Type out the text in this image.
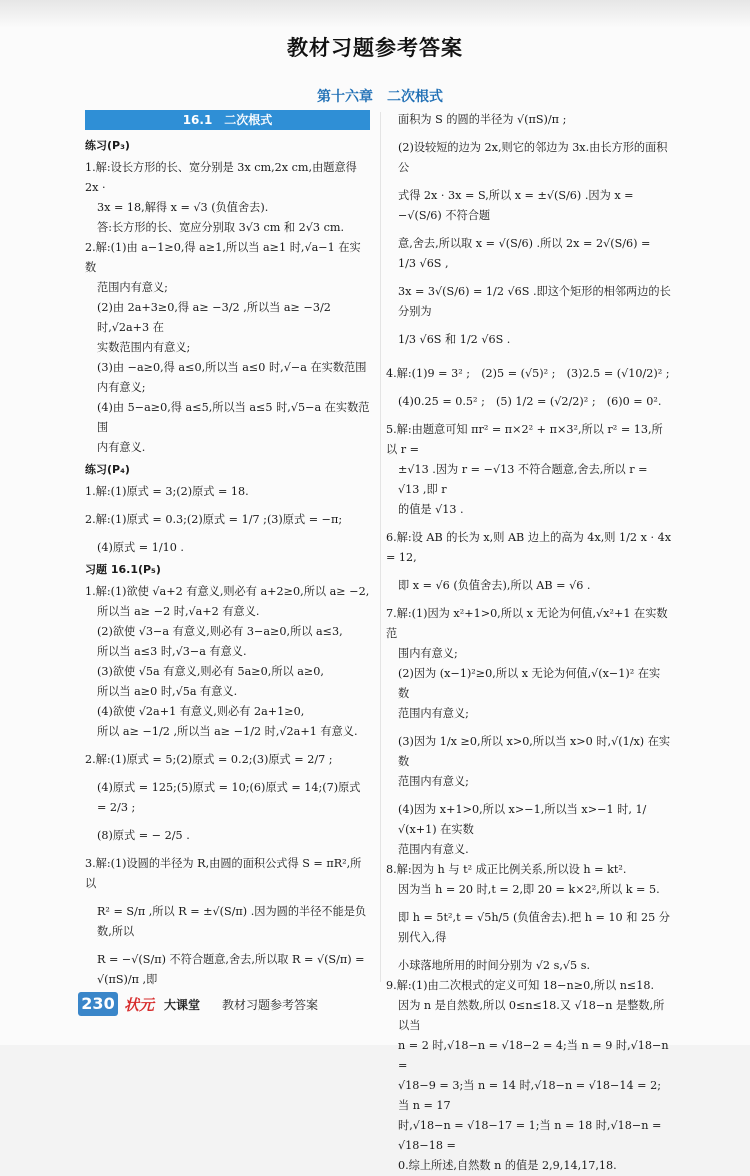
教材习题参考答案
第十六章　二次根式
16.1　二次根式
练习(P₃)

1.解:设长方形的长、宽分别是 3x cm,2x cm,由题意得 2x ·

3x = 18,解得 x = √3 (负值舍去).

答:长方形的长、宽应分别取 3√3 cm 和 2√3 cm.

2.解:(1)由 a−1≥0,得 a≥1,所以当 a≥1 时,√a−1 在实数

范围内有意义;

(2)由 2a+3≥0,得 a≥ −3/2 ,所以当 a≥ −3/2 时,√2a+3 在

实数范围内有意义;

(3)由 −a≥0,得 a≤0,所以当 a≤0 时,√−a 在实数范围内有意义;

(4)由 5−a≥0,得 a≤5,所以当 a≤5 时,√5−a 在实数范围

内有意义.

练习(P₄)

1.解:(1)原式 = 3;(2)原式 = 18.

2.解:(1)原式 = 0.3;(2)原式 = 1/7 ;(3)原式 = −π;

(4)原式 = 1/10 .

习题 16.1(P₅)

1.解:(1)欲使 √a+2 有意义,则必有 a+2≥0,所以 a≥ −2,

所以当 a≥ −2 时,√a+2 有意义.

(2)欲使 √3−a 有意义,则必有 3−a≥0,所以 a≤3,

所以当 a≤3 时,√3−a 有意义.

(3)欲使 √5a 有意义,则必有 5a≥0,所以 a≥0,

所以当 a≥0 时,√5a 有意义.

(4)欲使 √2a+1 有意义,则必有 2a+1≥0,

所以 a≥ −1/2 ,所以当 a≥ −1/2 时,√2a+1 有意义.

2.解:(1)原式 = 5;(2)原式 = 0.2;(3)原式 = 2/7 ;

(4)原式 = 125;(5)原式 = 10;(6)原式 = 14;(7)原式 = 2/3 ;

(8)原式 = − 2/5 .

3.解:(1)设圆的半径为 R,由圆的面积公式得 S = πR²,所以

R² = S/π ,所以 R = ±√(S/π) .因为圆的半径不能是负数,所以

R = −√(S/π) 不符合题意,舍去,所以取 R = √(S/π) = √(πS)/π ,即

面积为 S 的圆的半径为 √(πS)/π ;

(2)设较短的边为 2x,则它的邻边为 3x.由长方形的面积公

式得 2x · 3x = S,所以 x = ±√(S/6) .因为 x = −√(S/6) 不符合题

意,舍去,所以取 x = √(S/6) .所以 2x = 2√(S/6) = 1/3 √6S ,

3x = 3√(S/6) = 1/2 √6S .即这个矩形的相邻两边的长分别为

1/3 √6S 和 1/2 √6S .

4.解:(1)9 = 3² ;　(2)5 = (√5)² ;　(3)2.5 = (√10/2)² ;

(4)0.25 = 0.5² ;　(5) 1/2 = (√2/2)² ;　(6)0 = 0².

5.解:由题意可知 πr² = π×2² + π×3²,所以 r² = 13,所以 r =

±√13 .因为 r = −√13 不符合题意,舍去,所以 r = √13 ,即 r

的值是 √13 .

6.解:设 AB 的长为 x,则 AB 边上的高为 4x,则 1/2 x · 4x = 12,

即 x = √6 (负值舍去),所以 AB = √6 .

7.解:(1)因为 x²+1>0,所以 x 无论为何值,√x²+1 在实数范

围内有意义;

(2)因为 (x−1)²≥0,所以 x 无论为何值,√(x−1)² 在实数

范围内有意义;

(3)因为 1/x ≥0,所以 x>0,所以当 x>0 时,√(1/x) 在实数

范围内有意义;

(4)因为 x+1>0,所以 x>−1,所以当 x>−1 时, 1/√(x+1) 在实数

范围内有意义.

8.解:因为 h 与 t² 成正比例关系,所以设 h = kt².

因为当 h = 20 时,t = 2,即 20 = k×2²,所以 k = 5.

即 h = 5t²,t = √5h/5 (负值舍去).把 h = 10 和 25 分别代入,得

小球落地所用的时间分别为 √2 s,√5 s.

9.解:(1)由二次根式的定义可知 18−n≥0,所以 n≤18.

因为 n 是自然数,所以 0≤n≤18.又 √18−n 是整数,所以当

n = 2 时,√18−n = √18−2 = 4;当 n = 9 时,√18−n =

√18−9 = 3;当 n = 14 时,√18−n = √18−14 = 2;当 n = 17

时,√18−n = √18−17 = 1;当 n = 18 时,√18−n = √18−18 =

0.综上所述,自然数 n 的值是 2,9,14,17,18.

230 状元 大课堂 教材习题参考答案
